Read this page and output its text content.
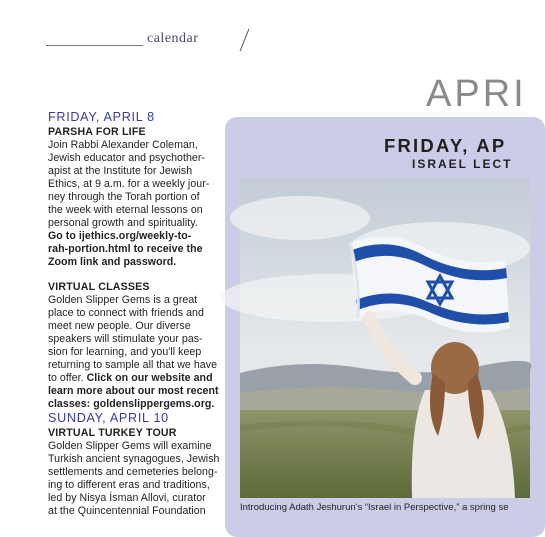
calendar

FRIDAY, APRIL 8

PARSHA FOR LIFE

Join Rabbi Alexander Coleman,

Jewish educator and psychother-

apist at the Institute for Jewish

Ethics, at 9 a.m. for a weekly jour-

ney through the Torah portion of

the week with eternal lessons on

personal growth and spirituality.

Go to ijethics.org/weekly-to-

rah-portion.html to receive the

Zoom link and password.

VIRTUAL CLASSES

Golden Slipper Gems is a great

place to connect with friends and

meet new people. Our diverse

speakers will stimulate your pas-

sion for learning, and you'll keep

returning to sample all that we have

to offer. Click on our website and

learn more about our most recent

classes: goldenslippergems.org.

SUNDAY, APRIL 10

VIRTUAL TURKEY TOUR

Golden Slipper Gems will examine

Turkish ancient synagogues, Jewish

settlements and cemeteries belong-

ing to different eras and traditions,

led by Nisya İsman Allovi, curator

at the Quincentennial Foundation

APRI
FRIDAY, AP
ISRAEL LECT
Introducing Adath Jeshurun's “Israel in Perspective,” a spring se
